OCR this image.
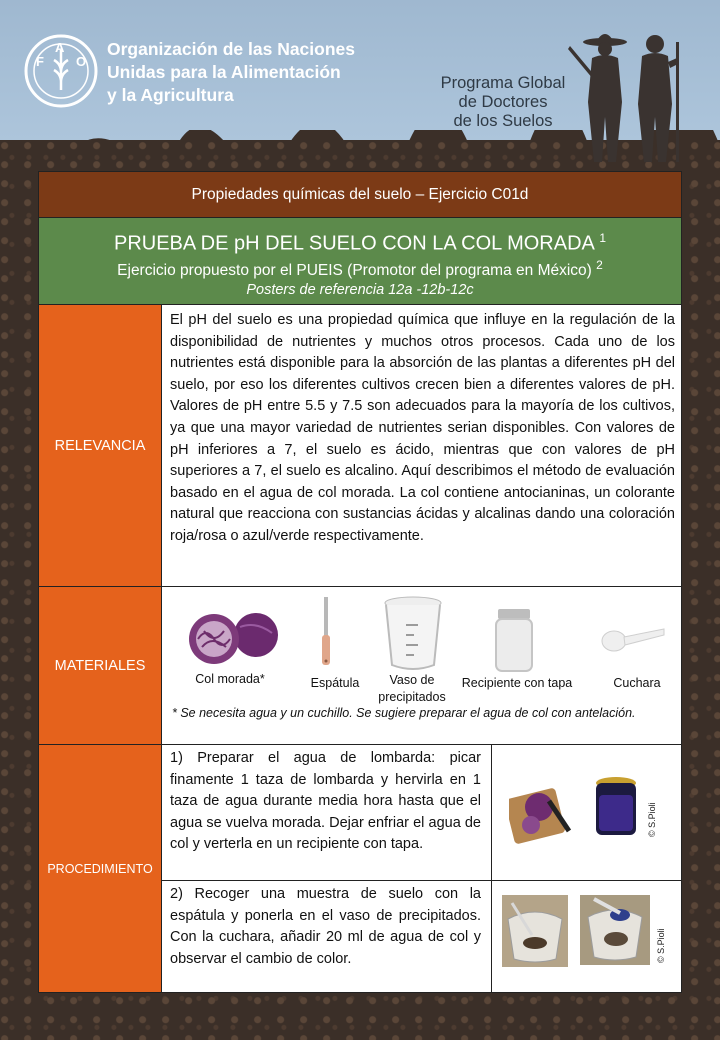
F
A
O
Organización de las Naciones
Unidas para la Alimentación
y la Agricultura
Programa Global
de Doctores
de los Suelos
Propiedades químicas del suelo – Ejercicio C01d
PRUEBA DE pH DEL SUELO CON LA COL MORADA $^1$
Ejercicio propuesto por el PUEIS (Promotor del programa en México) $^2$
Posters de referencia 12a -12b-12c
RELEVANCIA
El pH del suelo es una propiedad química que influye en la regulación de la disponibilidad de nutrientes y muchos otros procesos. Cada uno de los nutrientes está disponible para la absorción de las plantas a diferentes pH del suelo, por eso los diferentes cultivos crecen bien a diferentes valores de pH. Valores de pH entre 5.5 y 7.5 son adecuados para la mayoría de los cultivos, ya que una mayor variedad de nutrientes serian disponibles. Con valores de pH inferiores a 7, el suelo es ácido, mientras que con valores de pH superiores a 7, el suelo es alcalino. Aquí describimos el método de evaluación basado en el agua de col morada. La col contiene antocianinas, un colorante natural que reacciona con sustancias ácidas y alcalinas dando una coloración roja/rosa o azul/verde respectivamente.
MATERIALES
Col morada*	Espátula	Vaso de precipitados
Recipiente con tapa	Cuchara
* Se necesita agua y un cuchillo. Se sugiere preparar el agua de col con antelación.
PROCEDIMIENTO
1) Preparar el agua de lombarda: picar finamente 1 taza de lombarda y hervirla en 1 taza de agua durante media hora hasta que el agua se vuelva morada. Dejar enfriar el agua de col y verterla en un recipiente con tapa.
2) Recoger una muestra de suelo con la espátula y ponerla en el vaso de precipitados. Con la cuchara, añadir 20 ml de agua de col y observar el cambio de color.
© S.Pioli
© S.Pioli
